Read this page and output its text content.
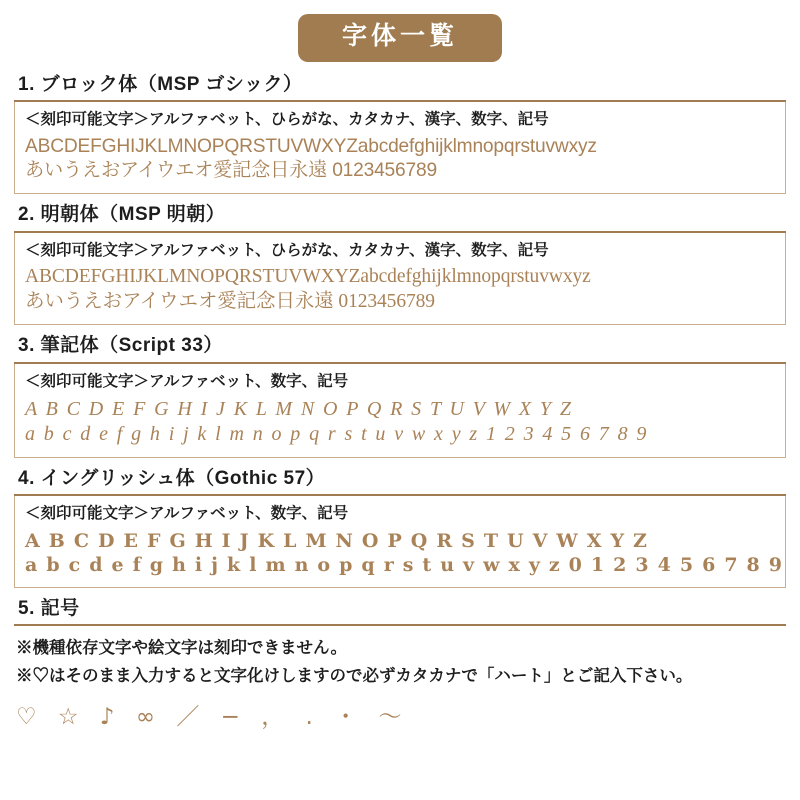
字体一覧
1. ブロック体（MSP ゴシック）
＜刻印可能文字＞アルファベット、ひらがな、カタカナ、漢字、数字、記号
ABCDEFGHIJKLMNOPQRSTUVWXYZabcdefghijklmnopqrstuvwxyz
あいうえおアイウエオ愛記念日永遠 0123456789
2. 明朝体（MSP 明朝）
＜刻印可能文字＞アルファベット、ひらがな、カタカナ、漢字、数字、記号
ABCDEFGHIJKLMNOPQRSTUVWXYZabcdefghijklmnopqrstuvwxyz
あいうえおアイウエオ愛記念日永遠 0123456789
3. 筆記体（Script 33）
＜刻印可能文字＞アルファベット、数字、記号
A B C D E F G H I J K L M N O P Q R S T U V W X Y Z
a b c d e f g h i j k l m n o p q r s t u v w x y z 1 2 3 4 5 6 7 8 9
4. イングリッシュ体（Gothic 57）
＜刻印可能文字＞アルファベット、数字、記号
A B C D E F G H I J K L M N O P Q R S T U V W X Y Z
a b c d e f g h i j k l m n o p q r s t u v w x y z 0 1 2 3 4 5 6 7 8 9
5. 記号
※機種依存文字や絵文字は刻印できません。
※♡はそのまま入力すると文字化けしますので必ずカタカナで「ハート」とご記入下さい。
♡ ☆ ♪ ∞ ／ − ， . ・ 〜
